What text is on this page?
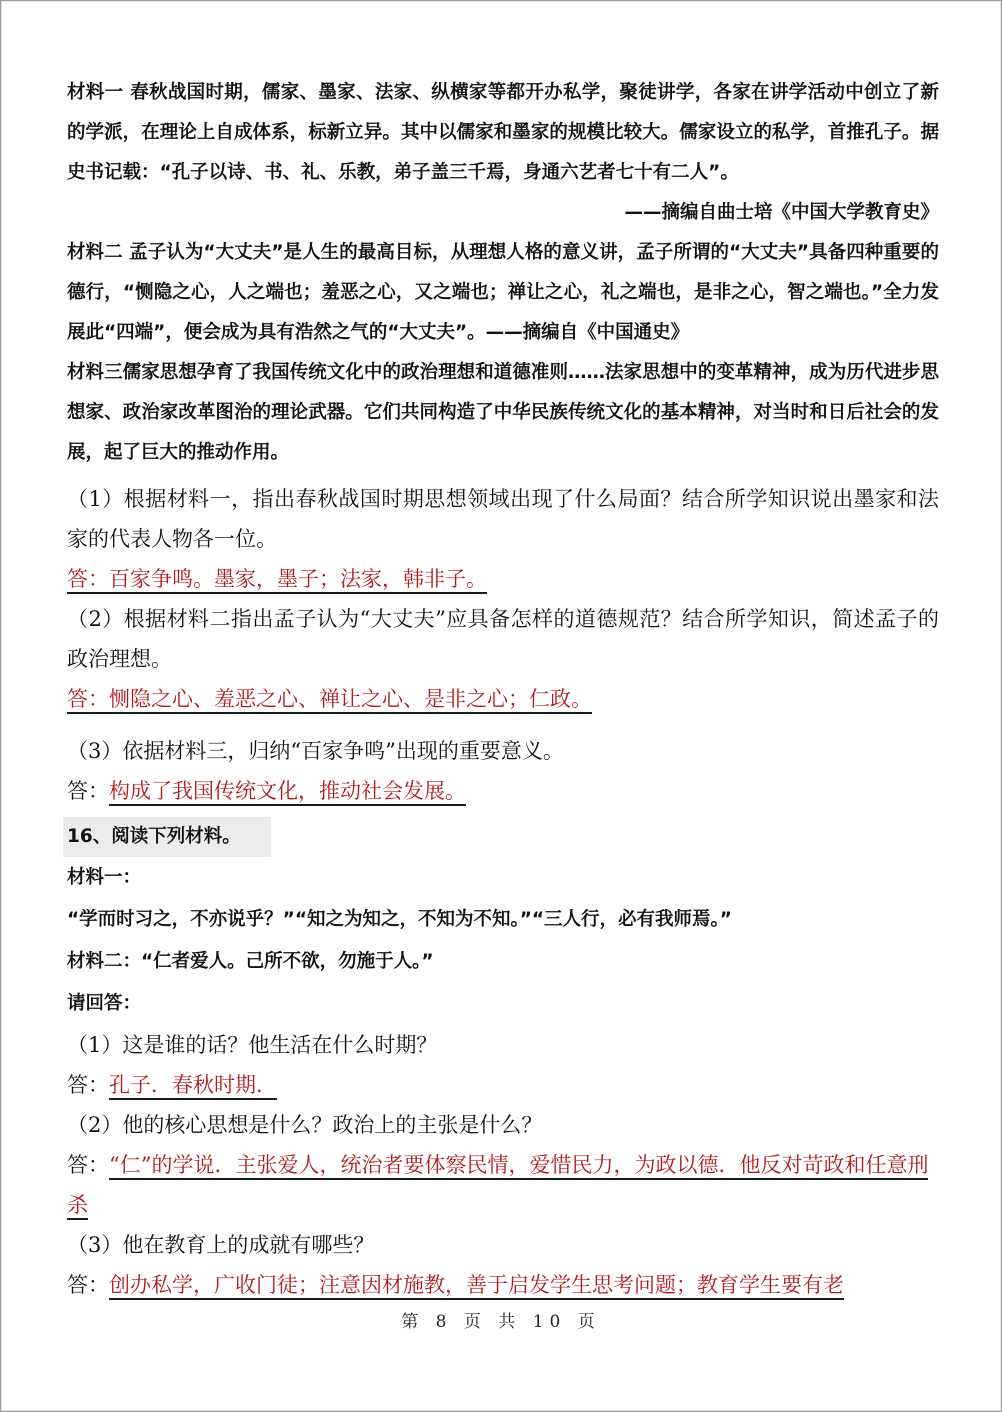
材料一 春秋战国时期，儒家、墨家、法家、纵横家等都开办私学，聚徒讲学，各家在讲学活动中创立了新的学派，在理论上自成体系，标新立异。其中以儒家和墨家的规模比较大。儒家设立的私学，首推孔子。据史书记载：“孔子以诗、书、礼、乐教，弟子盖三千焉，身通六艺者七十有二人”。

——摘编自曲士培《中国大学教育史》

材料二 孟子认为“大丈夫”是人生的最高目标，从理想人格的意义讲，孟子所谓的“大丈夫”具备四种重要的德行，“恻隐之心，人之端也；羞恶之心，又之端也；禅让之心，礼之端也，是非之心，智之端也。”全力发展此“四端”，便会成为具有浩然之气的“大丈夫”。——摘编自《中国通史》

材料三儒家思想孕育了我国传统文化中的政治理想和道德准则……法家思想中的变革精神，成为历代进步思想家、政治家改革图治的理论武器。它们共同构造了中华民族传统文化的基本精神，对当时和日后社会的发展，起了巨大的推动作用。

（1）根据材料一，指出春秋战国时期思想领域出现了什么局面？结合所学知识说出墨家和法家的代表人物各一位。

答：百家争鸣。墨家，墨子；法家，韩非子。

（2）根据材料二指出孟子认为“大丈夫”应具备怎样的道德规范？结合所学知识，简述孟子的政治理想。

答：恻隐之心、羞恶之心、禅让之心、是非之心；仁政。

（3）依据材料三，归纳“百家争鸣”出现的重要意义。

答：构成了我国传统文化，推动社会发展。

16、阅读下列材料。

材料一：

“学而时习之，不亦说乎？”“知之为知之，不知为不知。”“三人行，必有我师焉。”

材料二：“仁者爱人。己所不欲，勿施于人。”

请回答：

（1）这是谁的话？他生活在什么时期？

答：孔子．春秋时期．

（2）他的核心思想是什么？政治上的主张是什么？

答：“仁”的学说．主张爱人，统治者要体察民情，爱惜民力，为政以德．他反对苛政和任意刑杀

（3）他在教育上的成就有哪些？

答：创办私学，广收门徒；注意因材施教，善于启发学生思考问题；教育学生要有老

第 8 页 共 10 页
